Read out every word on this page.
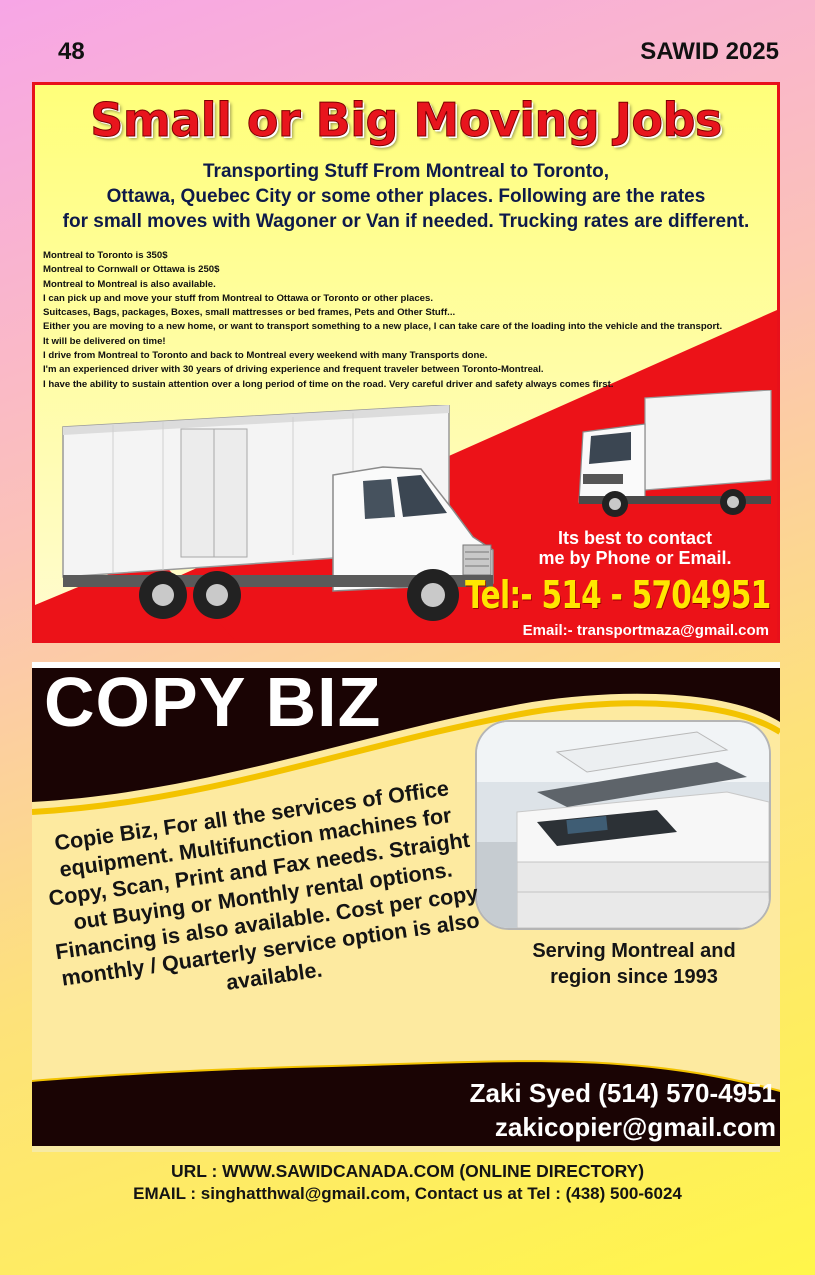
48	SAWID 2025
Small or Big Moving Jobs
Transporting Stuff From Montreal to Toronto,
Ottawa, Quebec City or some other places. Following are the rates
for small moves with Wagoner or Van if needed. Trucking rates are different.
Montreal to Toronto is 350$
Montreal to Cornwall or Ottawa is 250$
Montreal to Montreal is also available.
I can pick up and move your stuff from Montreal to Ottawa or Toronto or other places.
Suitcases, Bags, packages, Boxes, small mattresses or bed frames, Pets and Other Stuff...
Either you are moving to a new home, or want to transport something to a new place, I can take care of the loading into the vehicle and the transport.
It will be delivered on time!
I drive from Montreal to Toronto and back to Montreal every weekend with many Transports done.
I'm an experienced driver with 30 years of driving experience and frequent traveler between Toronto-Montreal.
I have the ability to sustain attention over a long period of time on the road. Very careful driver and safety always comes first.
Its best to contact
me by Phone or Email.
Tel:- 514 - 5704951
Email:- transportmaza@gmail.com
COPY BIZ
Copie Biz, For all the services of Office equipment. Multifunction machines for Copy, Scan, Print and Fax needs. Straight out Buying or Monthly rental options. Financing is also available. Cost per copy monthly / Quarterly service option is also available.
Serving Montreal and region since 1993
Zaki Syed (514) 570-4951
zakicopier@gmail.com
URL : WWW.SAWIDCANADA.COM (ONLINE DIRECTORY)
EMAIL : singhatthwal@gmail.com, Contact us at Tel : (438) 500-6024
